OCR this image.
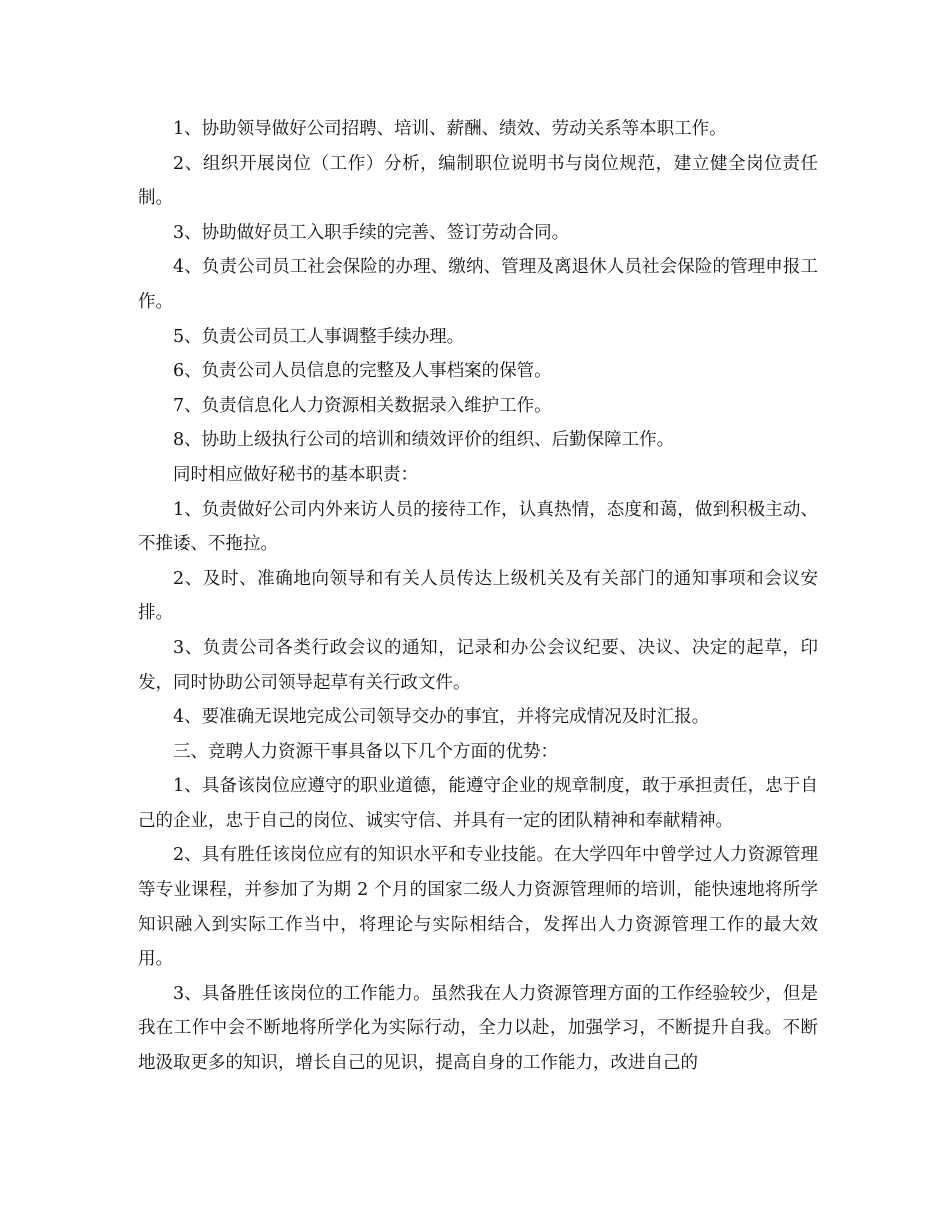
1、协助领导做好公司招聘、培训、薪酬、绩效、劳动关系等本职工作。

2、组织开展岗位（工作）分析，编制职位说明书与岗位规范，建立健全岗位责任制。

3、协助做好员工入职手续的完善、签订劳动合同。

4、负责公司员工社会保险的办理、缴纳、管理及离退休人员社会保险的管理申报工作。

5、负责公司员工人事调整手续办理。

6、负责公司人员信息的完整及人事档案的保管。

7、负责信息化人力资源相关数据录入维护工作。

8、协助上级执行公司的培训和绩效评价的组织、后勤保障工作。

同时相应做好秘书的基本职责：

1、负责做好公司内外来访人员的接待工作，认真热情，态度和蔼，做到积极主动、不推诿、不拖拉。

2、及时、准确地向领导和有关人员传达上级机关及有关部门的通知事项和会议安排。

3、负责公司各类行政会议的通知，记录和办公会议纪要、决议、决定的起草，印发，同时协助公司领导起草有关行政文件。

4、要准确无误地完成公司领导交办的事宜，并将完成情况及时汇报。

三、竞聘人力资源干事具备以下几个方面的优势：

1、具备该岗位应遵守的职业道德，能遵守企业的规章制度，敢于承担责任，忠于自己的企业，忠于自己的岗位、诚实守信、并具有一定的团队精神和奉献精神。

2、具有胜任该岗位应有的知识水平和专业技能。在大学四年中曾学过人力资源管理等专业课程，并参加了为期 2 个月的国家二级人力资源管理师的培训，能快速地将所学知识融入到实际工作当中，将理论与实际相结合，发挥出人力资源管理工作的最大效用。

3、具备胜任该岗位的工作能力。虽然我在人力资源管理方面的工作经验较少，但是我在工作中会不断地将所学化为实际行动，全力以赴，加强学习，不断提升自我。不断地汲取更多的知识，增长自己的见识，提高自身的工作能力，改进自己的
